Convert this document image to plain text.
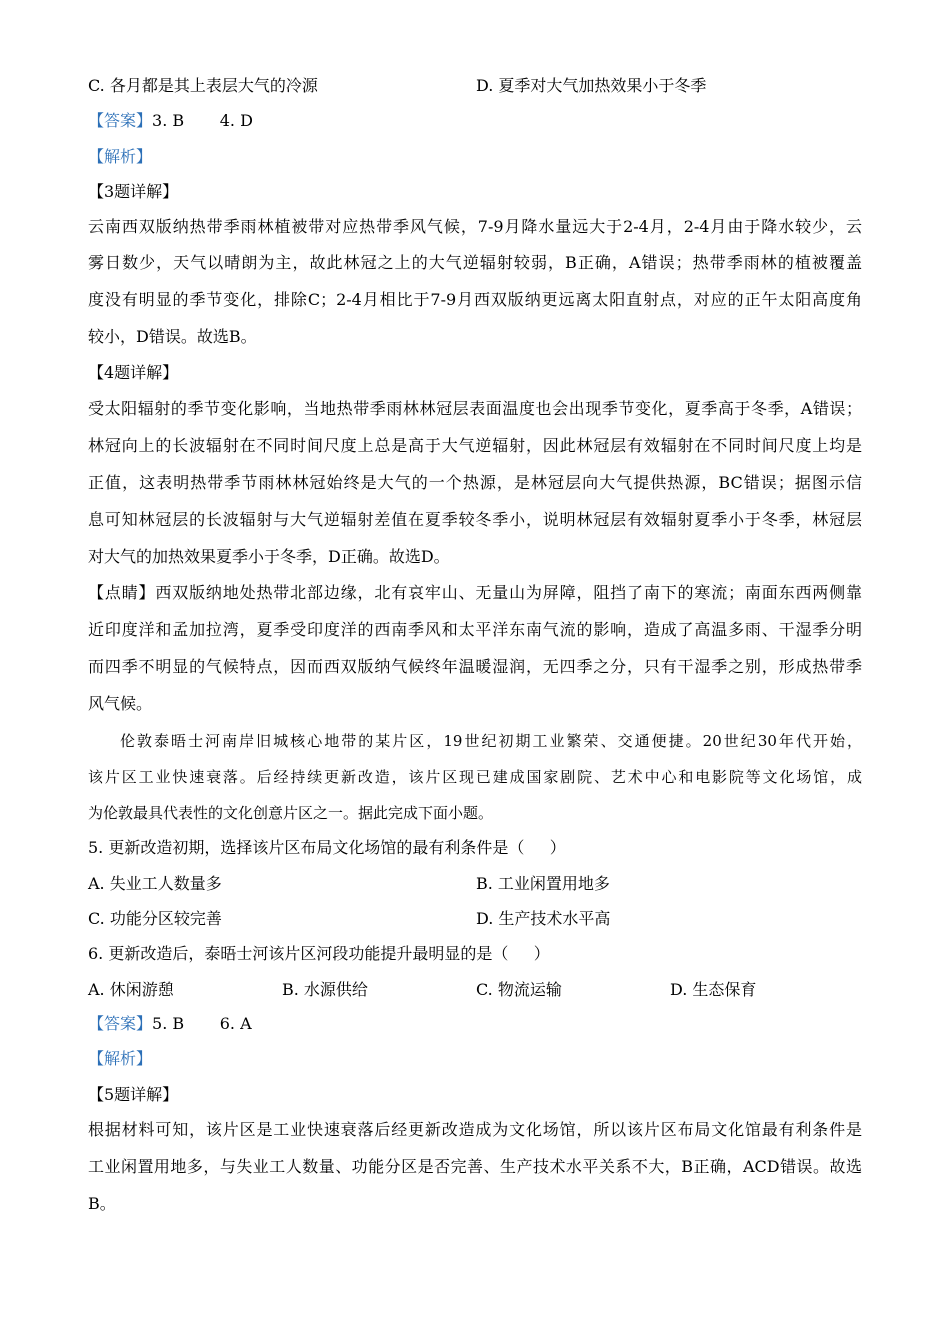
C. 各月都是其上表层大气的冷源	D. 夏季对大气加热效果小于冬季
【答案】3. B       4. D
【解析】
【3题详解】
云南西双版纳热带季雨林植被带对应热带季风气候，7-9月降水量远大于2-4月，2-4月由于降水较少，云
雾日数少，天气以晴朗为主，故此林冠之上的大气逆辐射较弱，B正确，A错误；热带季雨林的植被覆盖
度没有明显的季节变化，排除C；2-4月相比于7-9月西双版纳更远离太阳直射点，对应的正午太阳高度角
较小，D错误。故选B。
【4题详解】
受太阳辐射的季节变化影响，当地热带季雨林林冠层表面温度也会出现季节变化，夏季高于冬季，A错误；
林冠向上的长波辐射在不同时间尺度上总是高于大气逆辐射，因此林冠层有效辐射在不同时间尺度上均是
正值，这表明热带季节雨林林冠始终是大气的一个热源，是林冠层向大气提供热源，BC错误；据图示信
息可知林冠层的长波辐射与大气逆辐射差值在夏季较冬季小，说明林冠层有效辐射夏季小于冬季，林冠层
对大气的加热效果夏季小于冬季，D正确。故选D。
【点睛】西双版纳地处热带北部边缘，北有哀牢山、无量山为屏障，阻挡了南下的寒流；南面东西两侧靠
近印度洋和孟加拉湾，夏季受印度洋的西南季风和太平洋东南气流的影响，造成了高温多雨、干湿季分明
而四季不明显的气候特点，因而西双版纳气候终年温暖湿润，无四季之分，只有干湿季之别，形成热带季
风气候。
伦敦泰晤士河南岸旧城核心地带的某片区，19世纪初期工业繁荣、交通便捷。20世纪30年代开始，
该片区工业快速衰落。后经持续更新改造，该片区现已建成国家剧院、艺术中心和电影院等文化场馆，成
为伦敦最具代表性的文化创意片区之一。据此完成下面小题。
5. 更新改造初期，选择该片区布局文化场馆的最有利条件是（     ）
A. 失业工人数量多	B. 工业闲置用地多
C. 功能分区较完善	D. 生产技术水平高
6. 更新改造后，泰晤士河该片区河段功能提升最明显的是（     ）
A. 休闲游憩	B. 水源供给	C. 物流运输	D. 生态保育
【答案】5. B       6. A
【解析】
【5题详解】
根据材料可知，该片区是工业快速衰落后经更新改造成为文化场馆，所以该片区布局文化馆最有利条件是
工业闲置用地多，与失业工人数量、功能分区是否完善、生产技术水平关系不大，B正确，ACD错误。故选
B。
